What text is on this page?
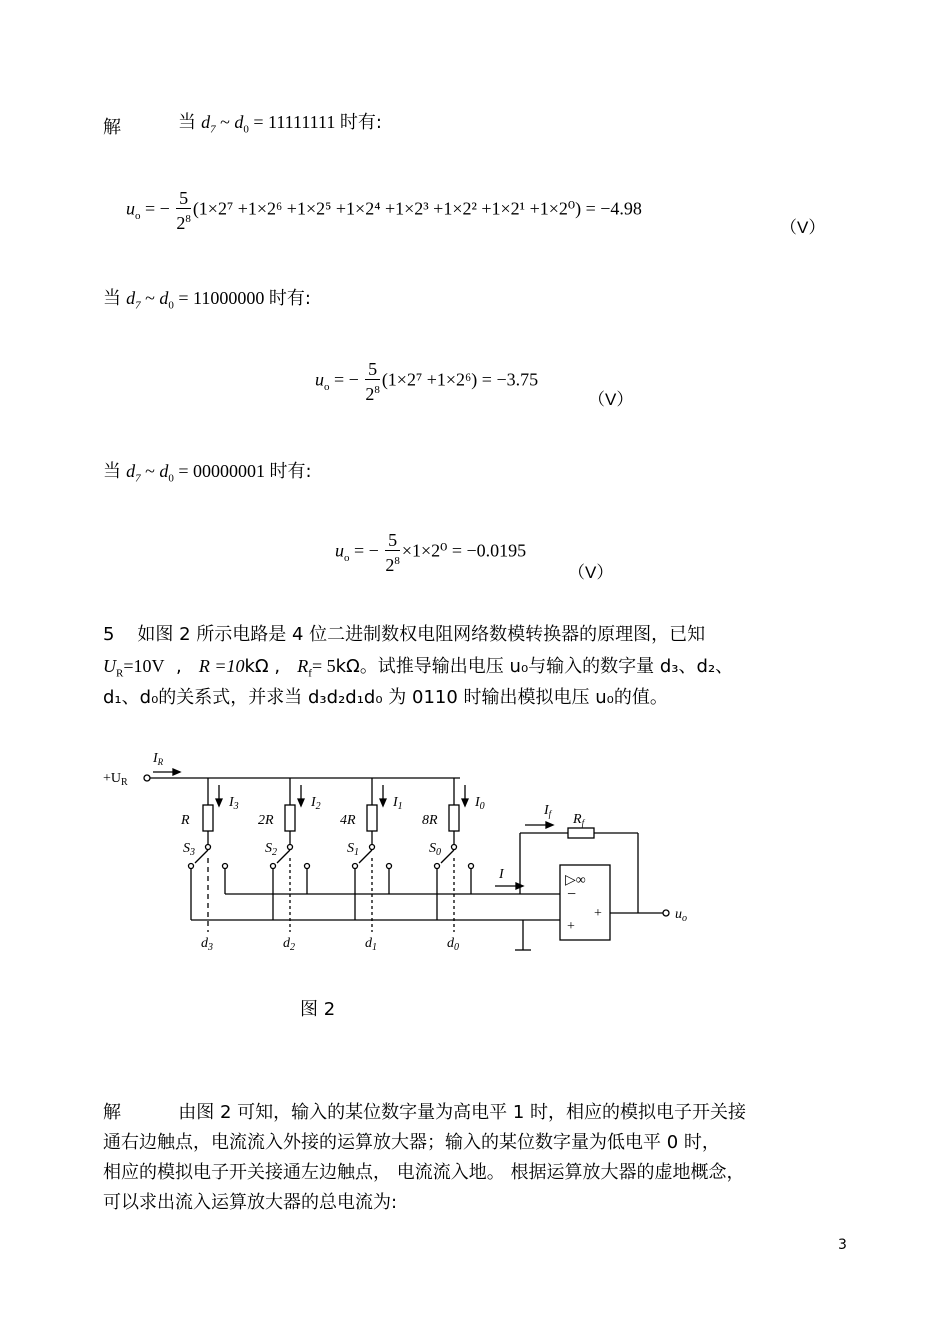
解	当 $d_7$ ~ $d_0 = 11111111$ 时有:
$u_o$ = − $\frac{5}{2^8} (1\times 2^7 +1\times 2^6 +1\times 2^5 +1\times 2^4 +1\times 2^3 +1\times 2^2 +1\times 2^1 +1\times 2^0) = -4.98$
（V）
当 $d_7$ ~ $d_0 = 11000000$ 时有:
$u_o$ = − $\frac{5}{2^8} (1\times 2^7 +1\times 2^6) = -3.75$
（V）
当 $d_7$ ~ $d_0 = 00000001$ 时有:
$u_o$ = − $\frac{5}{2^8} \times 1\times 2^0 = -0.0195$
（V）
5 如图 2 所示电路是 4 位二进制数权电阻网络数模转换器的原理图，已知
$U_R=10V$  ,   R =10kΩ ,   $R_f= 5k\Omega$。试推导输出电压 u₀与输入的数字量 d₃、d₂、
d₁、d₀的关系式，并求当 d₃d₂d₁d₀ 为 0110 时输出模拟电压 u₀的值。
$+U_R$
$I_R$
R	2R	4R	8R
$I_3$	$I_2$	$I_1$	$I_0$
$S_3$	$S_2$	$S_1$	$S_0$
$d_3$	$d_2$	$d_1$	$d_0$
$I_f$ $R_f$
I	▷∞
−
+
+	$u_o$
图 2
解	由图 2 可知，输入的某位数字量为高电平 1 时，相应的模拟电子开关接
通右边触点，电流流入外接的运算放大器；输入的某位数字量为低电平 0 时，
相应的模拟电子开关接通左边触点， 电流流入地。 根据运算放大器的虚地概念，
可以求出流入运算放大器的总电流为:
3
